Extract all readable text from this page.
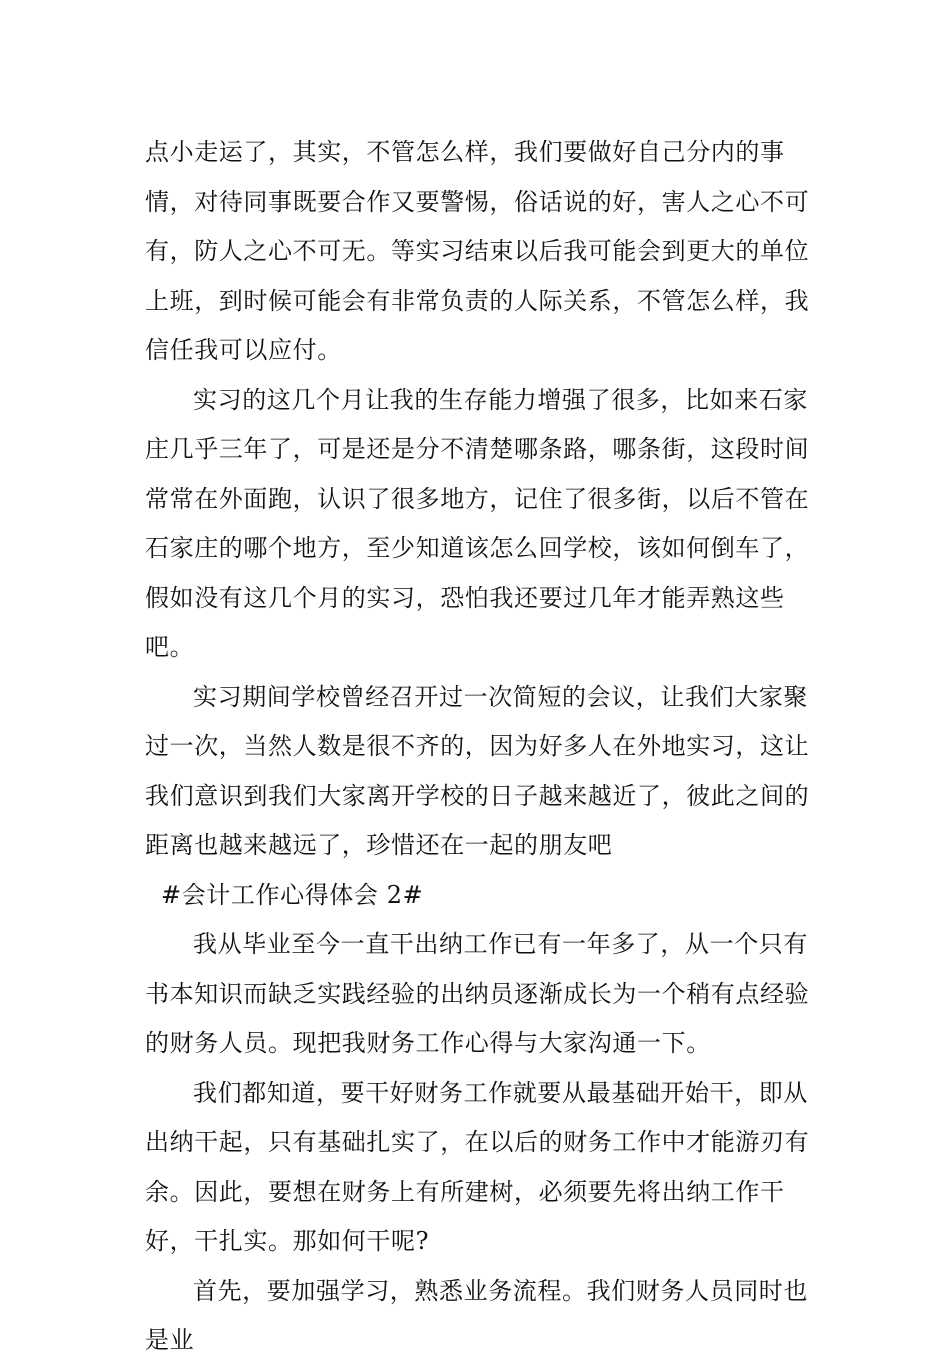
点小走运了，其实，不管怎么样，我们要做好自己分内的事情，对待同事既要合作又要警惕，俗话说的好，害人之心不可有，防人之心不可无。等实习结束以后我可能会到更大的单位上班，到时候可能会有非常负责的人际关系，不管怎么样，我信任我可以应付。

实习的这几个月让我的生存能力增强了很多，比如来石家庄几乎三年了，可是还是分不清楚哪条路，哪条街，这段时间常常在外面跑，认识了很多地方，记住了很多街，以后不管在石家庄的哪个地方，至少知道该怎么回学校，该如何倒车了，假如没有这几个月的实习，恐怕我还要过几年才能弄熟这些吧。

实习期间学校曾经召开过一次简短的会议，让我们大家聚过一次，当然人数是很不齐的，因为好多人在外地实习，这让我们意识到我们大家离开学校的日子越来越近了，彼此之间的距离也越来越远了，珍惜还在一起的朋友吧

#会计工作心得体会 2#

我从毕业至今一直干出纳工作已有一年多了，从一个只有书本知识而缺乏实践经验的出纳员逐渐成长为一个稍有点经验的财务人员。现把我财务工作心得与大家沟通一下。

我们都知道，要干好财务工作就要从最基础开始干，即从出纳干起，只有基础扎实了，在以后的财务工作中才能游刃有余。因此，要想在财务上有所建树，必须要先将出纳工作干好，干扎实。那如何干呢?

首先，要加强学习，熟悉业务流程。我们财务人员同时也是业
